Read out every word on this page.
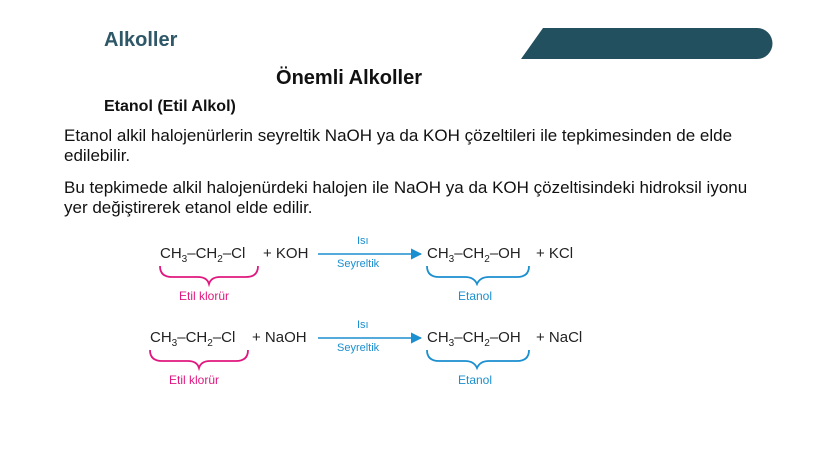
Alkoller
Önemli Alkoller
Etanol (Etil Alkol)
Etanol alkil halojenürlerin seyreltik NaOH ya da KOH çözeltileri ile tepkimesinden de elde edilebilir.
Bu tepkimede alkil halojenürdeki halojen ile NaOH ya da KOH çözeltisindeki hidroksil iyonu yer değiştirerek etanol elde edilir.
$CH_3-CH_2-Cl$ + KOH
Isı
Seyreltik
$CH_3-CH_2-OH$ + KCl
Etil klorür	Etanol
$CH_3-CH_2-Cl$ + NaOH
Isı
Seyreltik
$CH_3-CH_2-OH$ + NaCl
Etil klorür	Etanol
